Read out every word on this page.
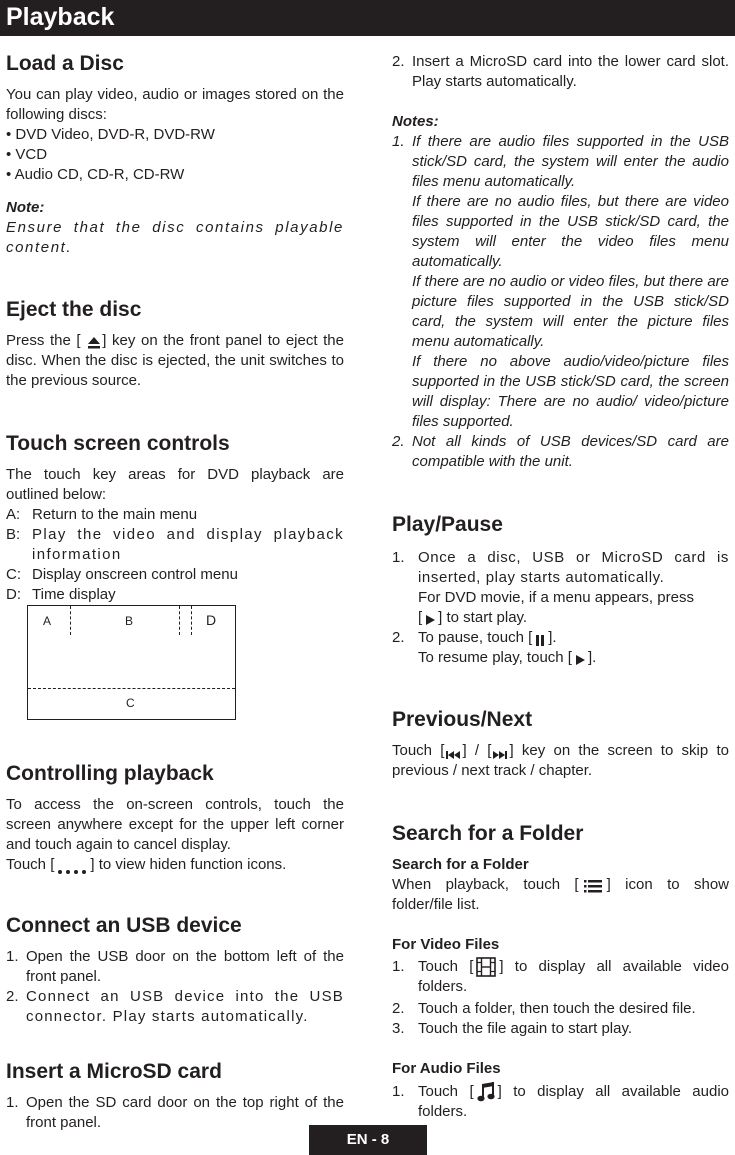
Playback
Load a Disc

You can play video, audio or images stored on the following discs:

• DVD Video, DVD-R, DVD-RW
• VCD
• Audio CD, CD-R, CD-RW
Note:

Ensure that the disc contains playable content.

Eject the disc

Press the [ ] key on the front panel to eject the disc. When the disc is ejected, the unit switches to the previous source.

Touch screen controls

The touch key areas for DVD playback are outlined below:

A: Return to the main menu
B: Play the video and display playback information
C: Display onscreen control menu
D: Time display
A	B	D
C
Controlling playback

To access the on-screen controls, touch the screen anywhere except for the upper left corner and touch again to cancel display.

Touch [ ] to view hiden function icons.

Connect an USB device
1. Open the USB door on the bottom left of the front panel.
2. Connect an USB device into the USB connector. Play starts automatically.
Insert a MicroSD card
1. Open the SD card door on the top right of the front panel.
2. Insert a MicroSD card into the lower card slot. Play starts automatically.
Notes:
1. If there are audio files supported in the USB stick/SD card, the system will enter the audio files menu automatically.
If there are no audio files, but there are video files supported in the USB stick/SD card, the system will enter the video files menu automatically.
If there are no audio or video files, but there are picture files supported in the USB stick/SD card, the system will enter the picture files menu automatically.
If there no above audio/video/picture files supported in the USB stick/SD card, the screen will display: There are no audio/ video/picture files supported.
2. Not all kinds of USB devices/SD card are compatible with the unit.
Play/Pause
1. Once a disc, USB or MicroSD card is inserted, play starts automatically.
For DVD movie, if a menu appears, press
[ ] to start play.
2. To pause, touch [ ].
To resume play, touch [ ].
Previous/Next

Touch [ ] / [ ] key on the screen to skip to previous / next track / chapter.

Search for a Folder
Search for a Folder

When playback, touch [ ] icon to show folder/file list.

For Video Files
1. Touch [ ] to display all available video folders.
2. Touch a folder, then touch the desired file.
3. Touch the file again to start play.
For Audio Files
1. Touch [ ] to display all available audio folders.
EN - 8
